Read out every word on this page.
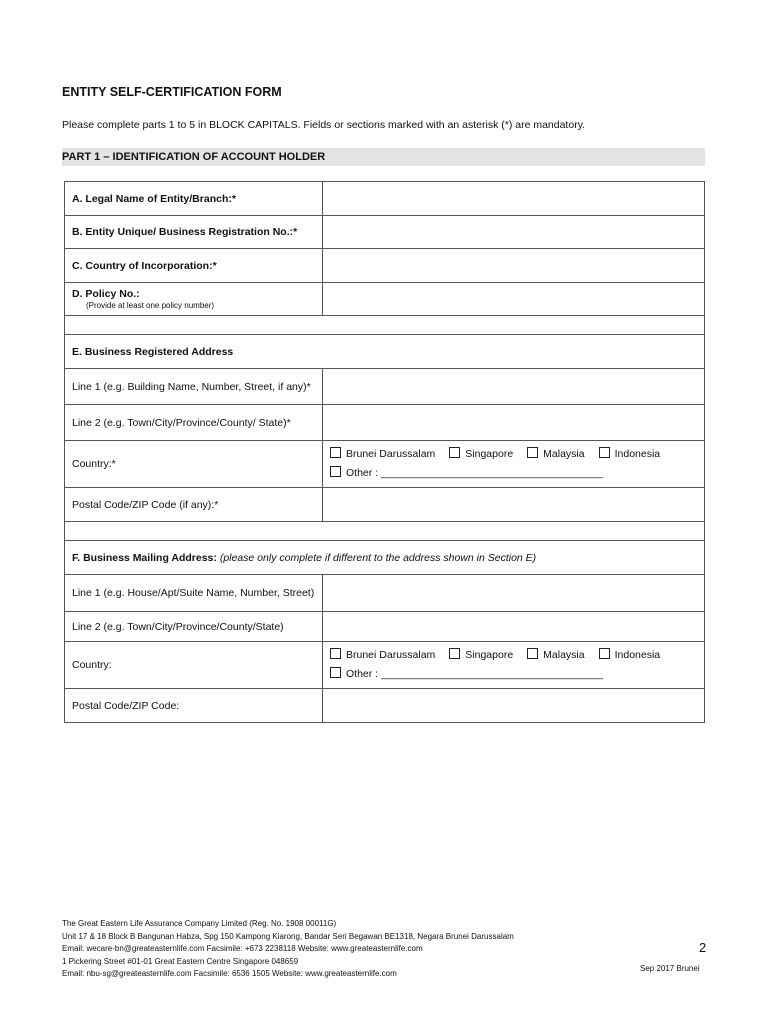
ENTITY SELF-CERTIFICATION FORM
Please complete parts 1 to 5 in BLOCK CAPITALS. Fields or sections marked with an asterisk (*) are mandatory.
PART 1 – IDENTIFICATION OF ACCOUNT HOLDER
A. Legal Name of Entity/Branch:*	
B. Entity Unique/ Business Registration No.:*	
C. Country of Incorporation:*	
D. Policy No.:
(Provide at least one policy number)	

E. Business Registered Address	
Line 1 (e.g. Building Name, Number, Street, if any)*	
Line 2 (e.g. Town/City/Province/County/ State)*	
Country:*	Brunei Darussalam Singapore Malaysia Indonesia
Other : ______________________________________
Postal Code/ZIP Code (if any):*	

F. Business Mailing Address: (please only complete if different to the address shown in Section E)	
Line 1 (e.g. House/Apt/Suite Name, Number, Street)	
Line 2 (e.g. Town/City/Province/County/State)	
Country:	Brunei Darussalam Singapore Malaysia Indonesia
Other : ______________________________________
Postal Code/ZIP Code:	
The Great Eastern Life Assurance Company Limited (Reg. No. 1908 00011G)
Unit 17 & 18 Block B Bangunan Habza, Spg 150 Kampong Kiarong, Bandar Seri Begawan BE1318, Negara Brunei Darussalam
Email: wecare-bn@greateasternlife.com Facsimile: +673 2238118 Website: www.greateasternlife.com
1 Pickering Street #01-01 Great Eastern Centre Singapore 048659
Email: nbu-sg@greateasternlife.com Facsimile: 6536 1505 Website: www.greateasternlife.com
2
Sep 2017 Brunei
